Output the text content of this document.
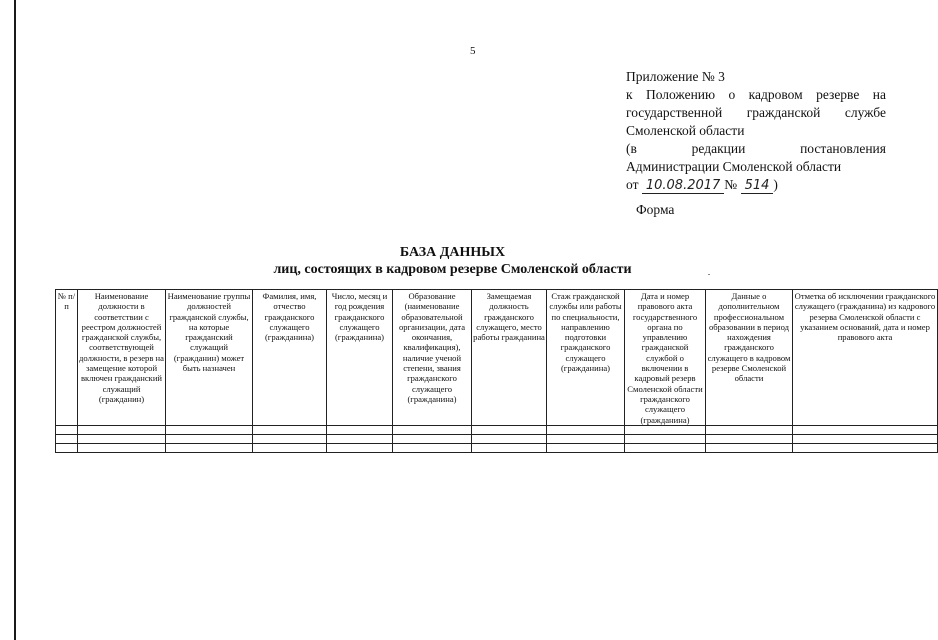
5
Приложение № 3
к Положению о кадровом резерве на
государственной гражданской службе
Смоленской области
(в	редакции	постановления
Администрации Смоленской области
от 10.08.2017 № 514 )
Форма
БАЗА ДАННЫХ
лиц, состоящих в кадровом резерве Смоленской области
№ п/п	Наименование должности в соответствии с реестром должностей гражданской службы, соответствующей должности, в резерв на замещение которой включен гражданский служащий (гражданин)	Наименование группы должностей гражданской службы, на которые гражданский служащий (гражданин) может быть назначен	Фамилия, имя, отчество гражданского служащего (гражданина)	Число, месяц и год рождения гражданского служащего (гражданина)	Образование (наименование образовательной организации, дата окончания, квалификация), наличие ученой степени, звания гражданского служащего (гражданина)	Замещаемая должность гражданского служащего, место работы гражданина	Стаж гражданской службы или работы по специальности, направлению подготовки гражданского служащего (гражданина)	Дата и номер правового акта государственного органа по управлению гражданской службой о включении в кадровый резерв Смоленской области гражданского служащего (гражданина)	Данные о дополнительном профессиональном образовании в период нахождения гражданского служащего в кадровом резерве Смоленской области	Отметка об исключении гражданского служащего (гражданина) из кадрового резерва Смоленской области с указанием оснований, дата и номер правового акта
